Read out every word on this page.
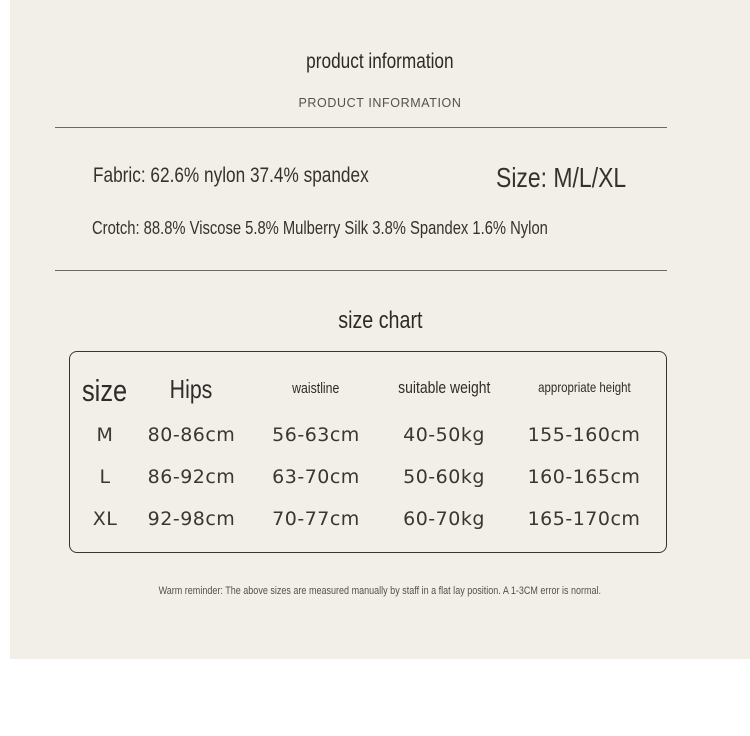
product information
PRODUCT INFORMATION
Fabric: 62.6% nylon 37.4% spandex	Size: M/L/XL
Crotch: 88.8% Viscose 5.8% Mulberry Silk 3.8% Spandex 1.6% Nylon
size chart
size	Hips	waistline	suitable weight	appropriate height
M	80-86cm	56-63cm	40-50kg	155-160cm
L	86-92cm	63-70cm	50-60kg	160-165cm
XL	92-98cm	70-77cm	60-70kg	165-170cm
Warm reminder: The above sizes are measured manually by staff in a flat lay position. A 1-3CM error is normal.
